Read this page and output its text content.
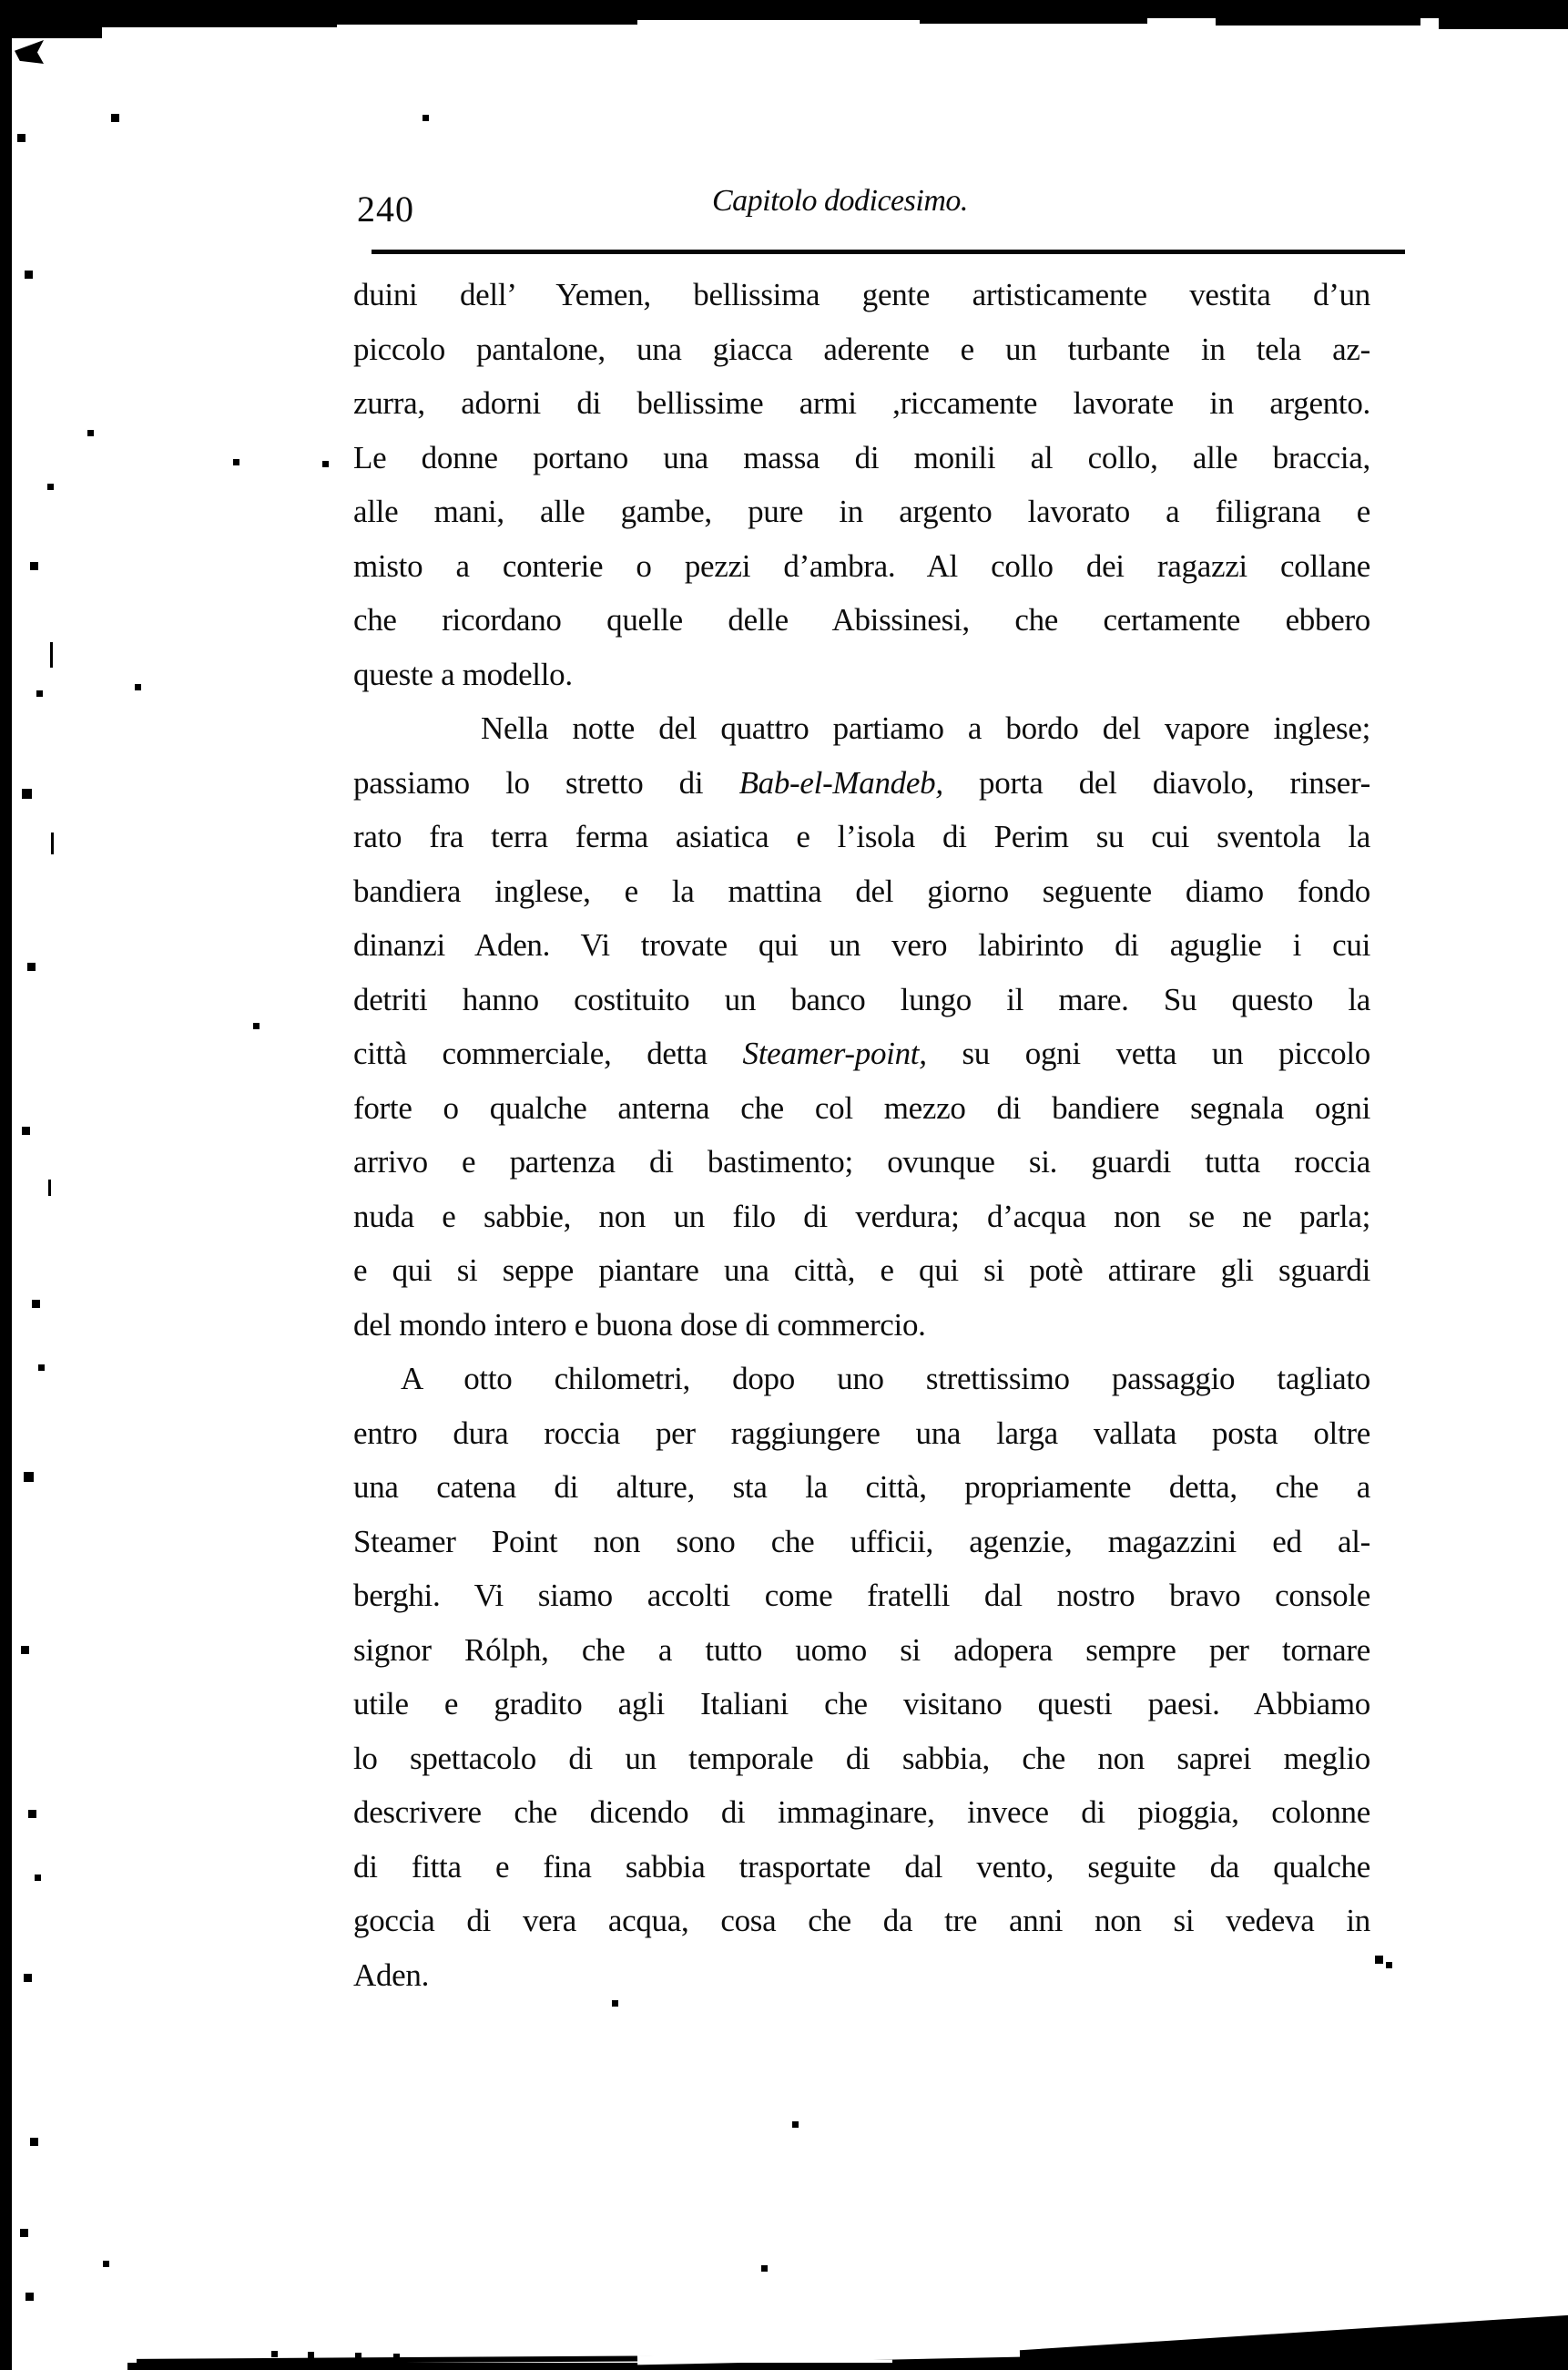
240	Capitolo dodicesimo.
duini dell’ Yemen, bellissima gente artisticamente vestita d’un
piccolo pantalone, una giacca aderente e un turbante in tela az-
zurra, adorni di bellissime armi ,riccamente lavorate in argento.
Le donne portano una massa di monili al collo, alle braccia,
alle mani, alle gambe, pure in argento lavorato a filigrana e
misto a conterie o pezzi d’ambra. Al collo dei ragazzi collane
che ricordano quelle delle Abissinesi, che certamente ebbero
queste a modello.
Nella notte del quattro partiamo a bordo del vapore inglese;
passiamo lo stretto di Bab-el-Mandeb, porta del diavolo, rinser-
rato fra terra ferma asiatica e l’isola di Perim su cui sventola la
bandiera inglese, e la mattina del giorno seguente diamo fondo
dinanzi Aden. Vi trovate qui un vero labirinto di aguglie i cui
detriti hanno costituito un banco lungo il mare. Su questo la
città commerciale, detta Steamer-point, su ogni vetta un piccolo
forte o qualche anterna che col mezzo di bandiere segnala ogni
arrivo e partenza di bastimento; ovunque si. guardi tutta roccia
nuda e sabbie, non un filo di verdura; d’acqua non se ne parla;
e qui si seppe piantare una città, e qui si potè attirare gli sguardi
del mondo intero e buona dose di commercio.
A otto chilometri, dopo uno strettissimo passaggio tagliato
entro dura roccia per raggiungere una larga vallata posta oltre
una catena di alture, sta la città, propriamente detta, che a
Steamer Point non sono che ufficii, agenzie, magazzini ed al-
berghi. Vi siamo accolti come fratelli dal nostro bravo console
signor Rólph, che a tutto uomo si adopera sempre per tornare
utile e gradito agli Italiani che visitano questi paesi. Abbiamo
lo spettacolo di un temporale di sabbia, che non saprei meglio
descrivere che dicendo di immaginare, invece di pioggia, colonne
di fitta e fina sabbia trasportate dal vento, seguite da qualche
goccia di vera acqua, cosa che da tre anni non si vedeva in
Aden.
